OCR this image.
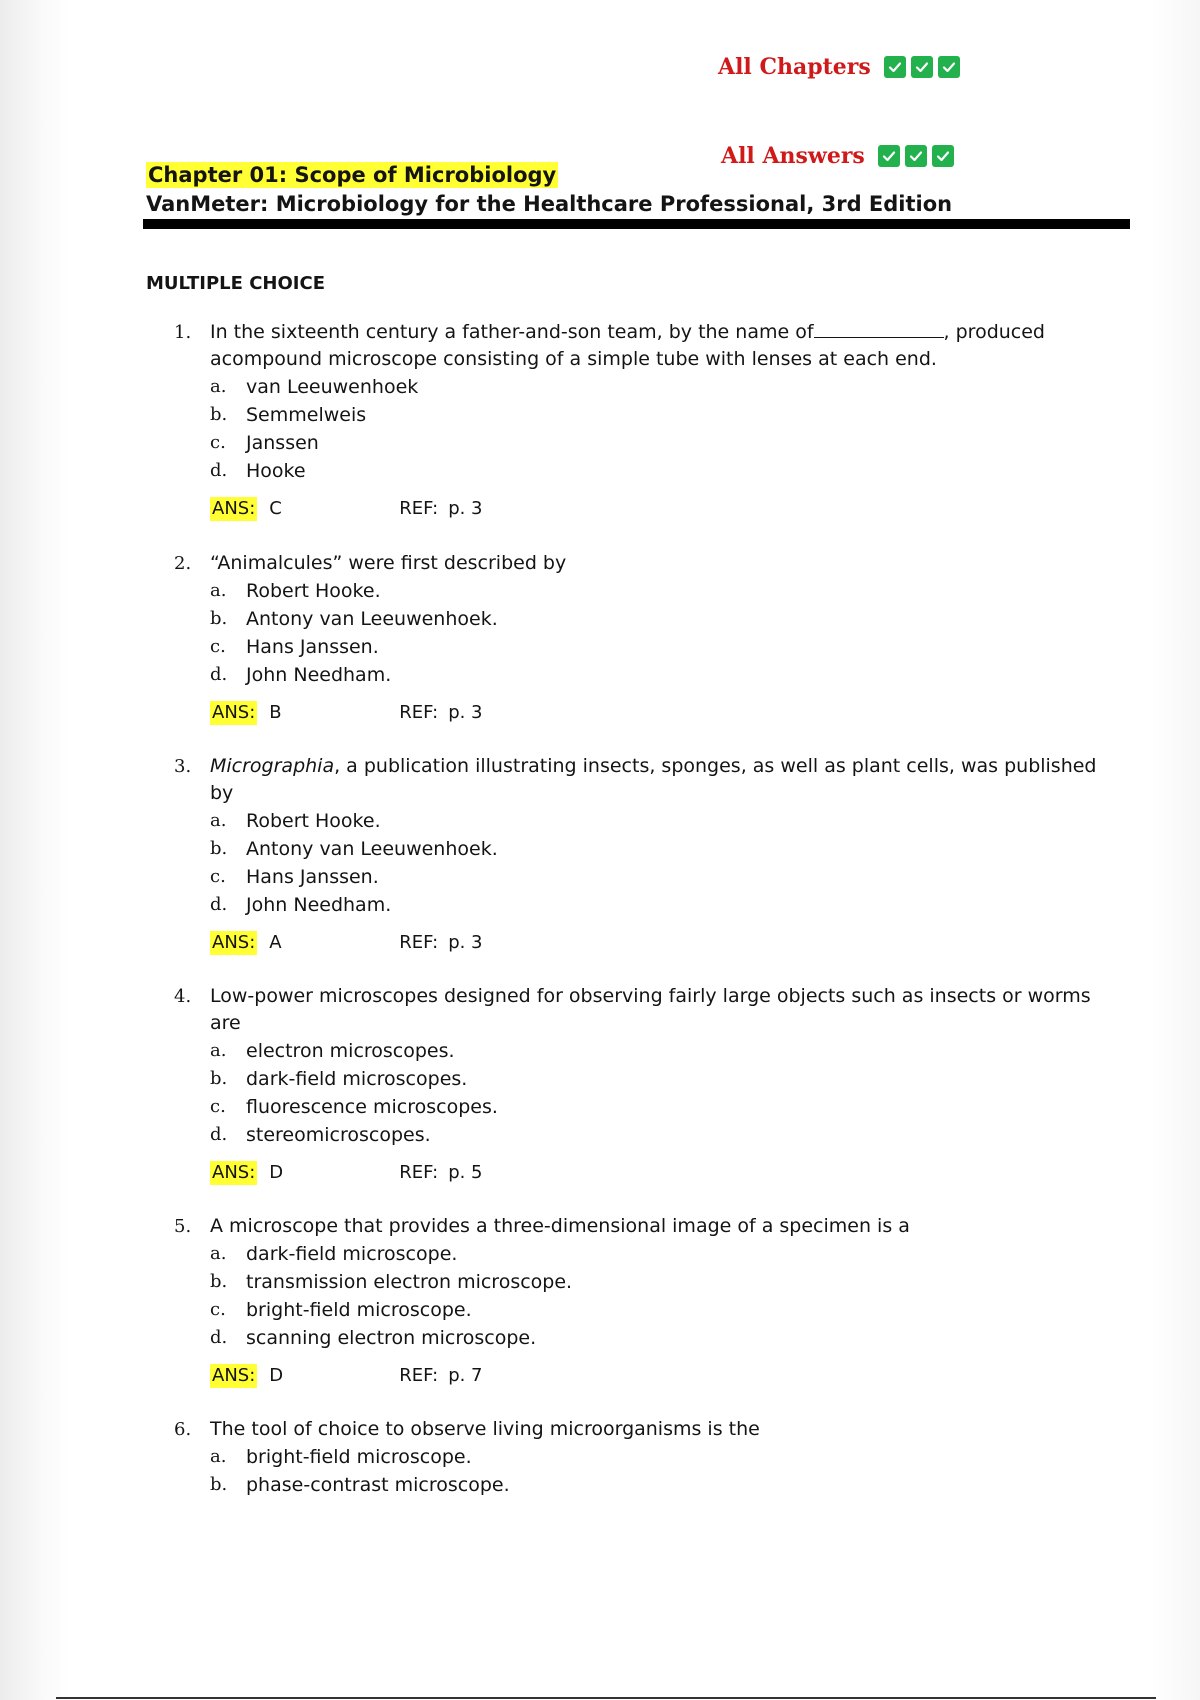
All Chapters
All Answers
Chapter 01: Scope of Microbiology
VanMeter: Microbiology for the Healthcare Professional, 3rd Edition
MULTIPLE CHOICE
1. In the sixteenth century a father-and-son team, by the name of	, produced acompound microscope consisting of a simple tube with lenses at each end.
a.	van Leeuwenhoek
b. Semmelweis
c.	Janssen
d. Hooke
ANS: C	REF: p. 3
2. “Animalcules” were first described by
a.	Robert Hooke.
b. Antony van Leeuwenhoek.
c.	Hans Janssen.
d. John Needham.
ANS: B	REF: p. 3
3. Micrographia, a publication illustrating insects, sponges, as well as plant cells, was published by
a.	Robert Hooke.
b. Antony van Leeuwenhoek.
c.	Hans Janssen.
d. John Needham.
ANS: A	REF: p. 3
4. Low-power microscopes designed for observing fairly large objects such as insects or worms are
a.	electron microscopes.
b. dark-field microscopes.
c.	fluorescence microscopes.
d. stereomicroscopes.
ANS: D	REF: p. 5
5. A microscope that provides a three-dimensional image of a specimen is a
a.	dark-field microscope.
b. transmission electron microscope.
c.	bright-field microscope.
d. scanning electron microscope.
ANS: D	REF: p. 7
6. The tool of choice to observe living microorganisms is the
a.	bright-field microscope.
b. phase-contrast microscope.
